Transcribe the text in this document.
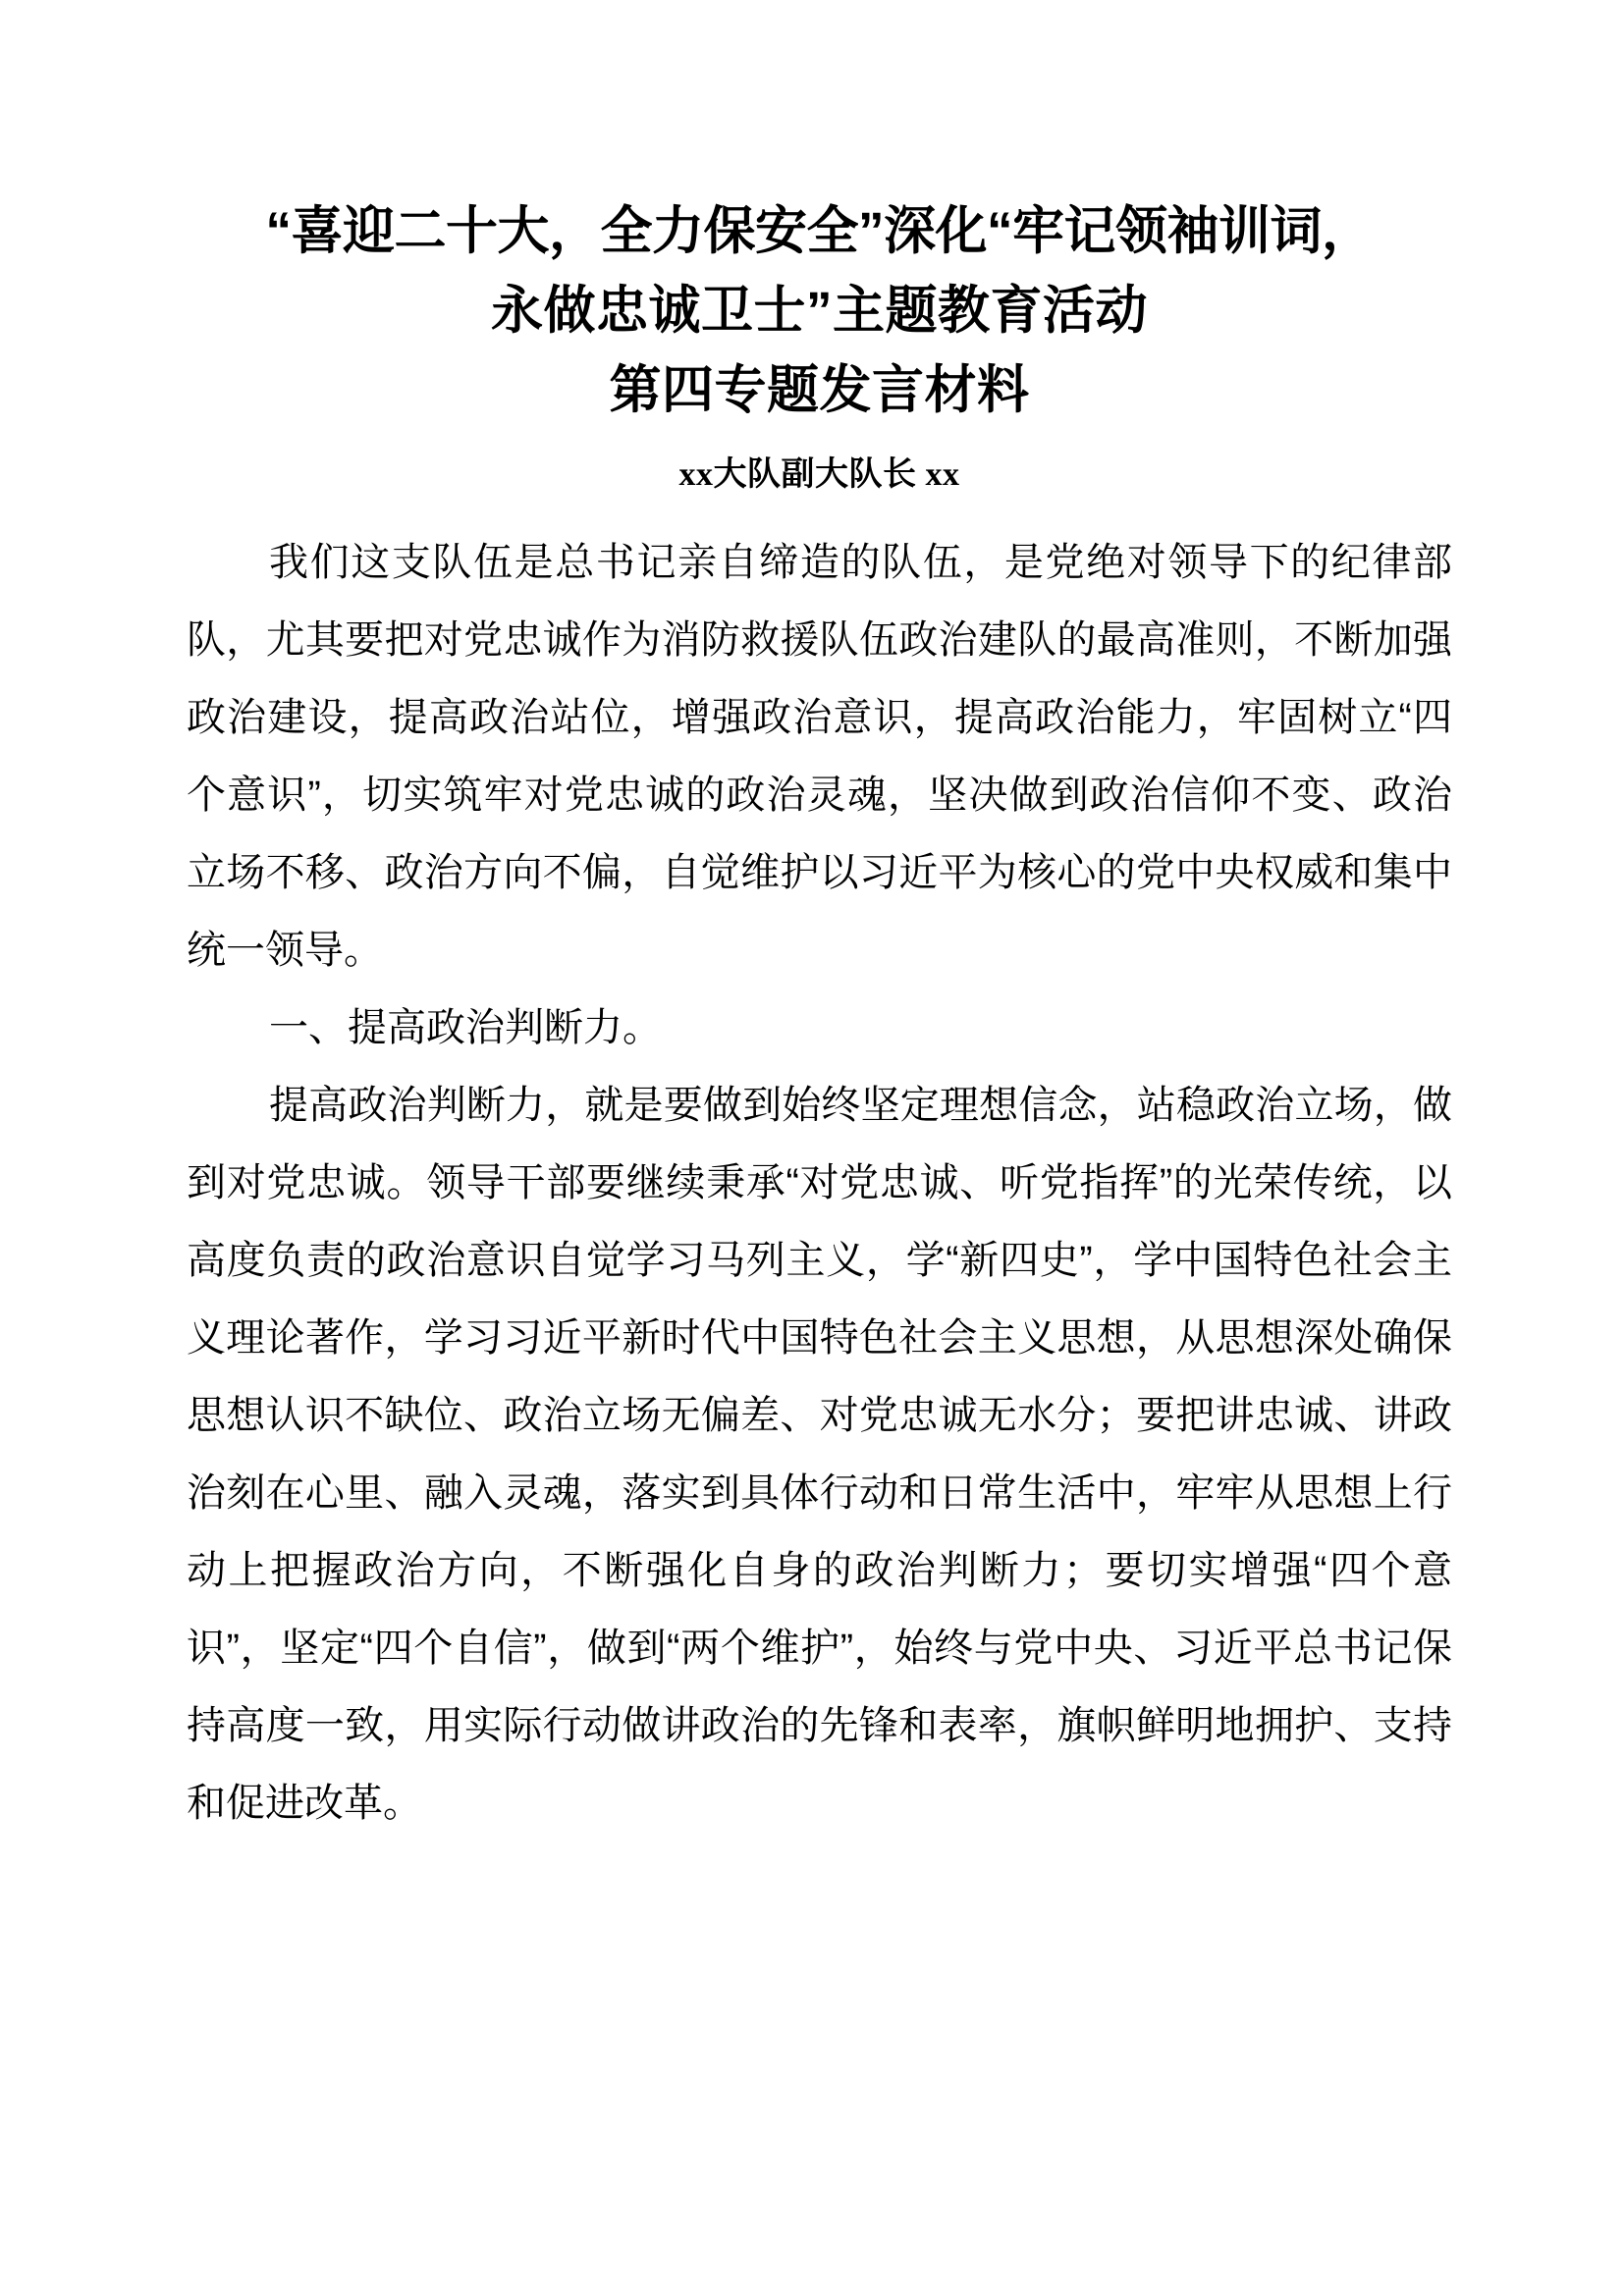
“喜迎二十大，全力保安全”深化“牢记领袖训词，
永做忠诚卫士”主题教育活动
第四专题发言材料
xx大队副大队长 xx

我们这支队伍是总书记亲自缔造的队伍，是党绝对领导下的纪律部队，尤其要把对党忠诚作为消防救援队伍政治建队的最高准则，不断加强政治建设，提高政治站位，增强政治意识，提高政治能力，牢固树立“四个意识”，切实筑牢对党忠诚的政治灵魂，坚决做到政治信仰不变、政治立场不移、政治方向不偏，自觉维护以习近平为核心的党中央权威和集中统一领导。

一、提高政治判断力。

提高政治判断力，就是要做到始终坚定理想信念，站稳政治立场，做到对党忠诚。领导干部要继续秉承“对党忠诚、听党指挥”的光荣传统，以高度负责的政治意识自觉学习马列主义，学“新四史”，学中国特色社会主义理论著作，学习习近平新时代中国特色社会主义思想，从思想深处确保思想认识不缺位、政治立场无偏差、对党忠诚无水分；要把讲忠诚、讲政治刻在心里、融入灵魂，落实到具体行动和日常生活中，牢牢从思想上行动上把握政治方向，不断强化自身的政治判断力；要切实增强“四个意识”，坚定“四个自信”，做到“两个维护”，始终与党中央、习近平总书记保持高度一致，用实际行动做讲政治的先锋和表率，旗帜鲜明地拥护、支持和促进改革。
